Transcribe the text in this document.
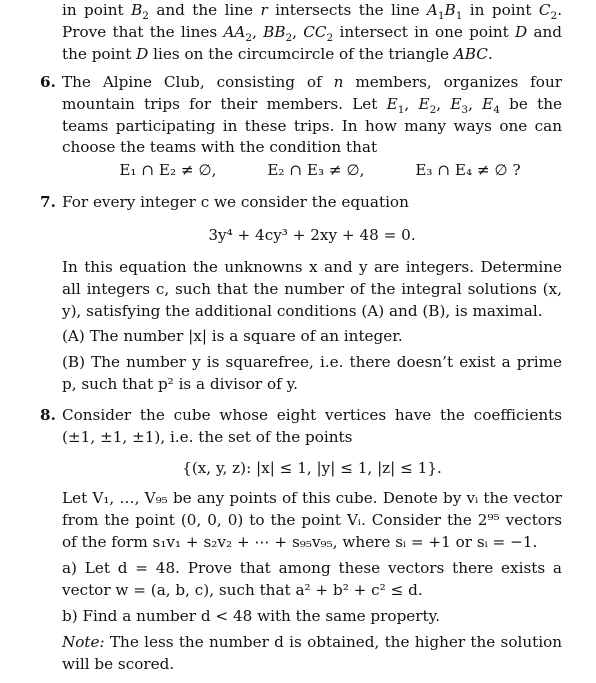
in point $B_2$ and the line r intersects the line $A_1B_1$ in point $C_2$. Prove that the lines $AA_2$, $BB_2$, $CC_2$ intersect in one point D and the point D lies on the circumcircle of the triangle ABC.

6. The Alpine Club, consisting of n members, organizes four mountain trips for their members. Let $E_1$, $E_2$, $E_3$, $E_4$ be the teams participating in these trips. In how many ways one can choose the teams with the condition that

E₁ ∩ E₂ ≠ ∅,	E₂ ∩ E₃ ≠ ∅,	E₃ ∩ E₄ ≠ ∅ ?
7. For every integer c we consider the equation

3y⁴ + 4cy³ + 2xy + 48 = 0.

In this equation the unknowns x and y are integers. Determine all integers c, such that the number of the integral solutions (x, y), satisfying the additional conditions (A) and (B), is maximal.

(A) The number |x| is a square of an integer.

(B) The number y is squarefree, i.e. there doesn’t exist a prime p, such that p² is a divisor of y.

8. Consider the cube whose eight vertices have the coefficients (±1, ±1, ±1), i.e. the set of the points

{(x, y, z): |x| ≤ 1, |y| ≤ 1, |z| ≤ 1}.

Let V₁, …, V₉₅ be any points of this cube. Denote by vᵢ the vector from the point (0, 0, 0) to the point Vᵢ. Consider the 2⁹⁵ vectors of the form s₁v₁ + s₂v₂ + ⋯ + s₉₅v₉₅, where sᵢ = +1 or sᵢ = −1.

a) Let d = 48. Prove that among these vectors there exists a vector w = (a, b, c), such that a² + b² + c² ≤ d.

b) Find a number d < 48 with the same property.

Note: The less the number d is obtained, the higher the solution will be scored.
